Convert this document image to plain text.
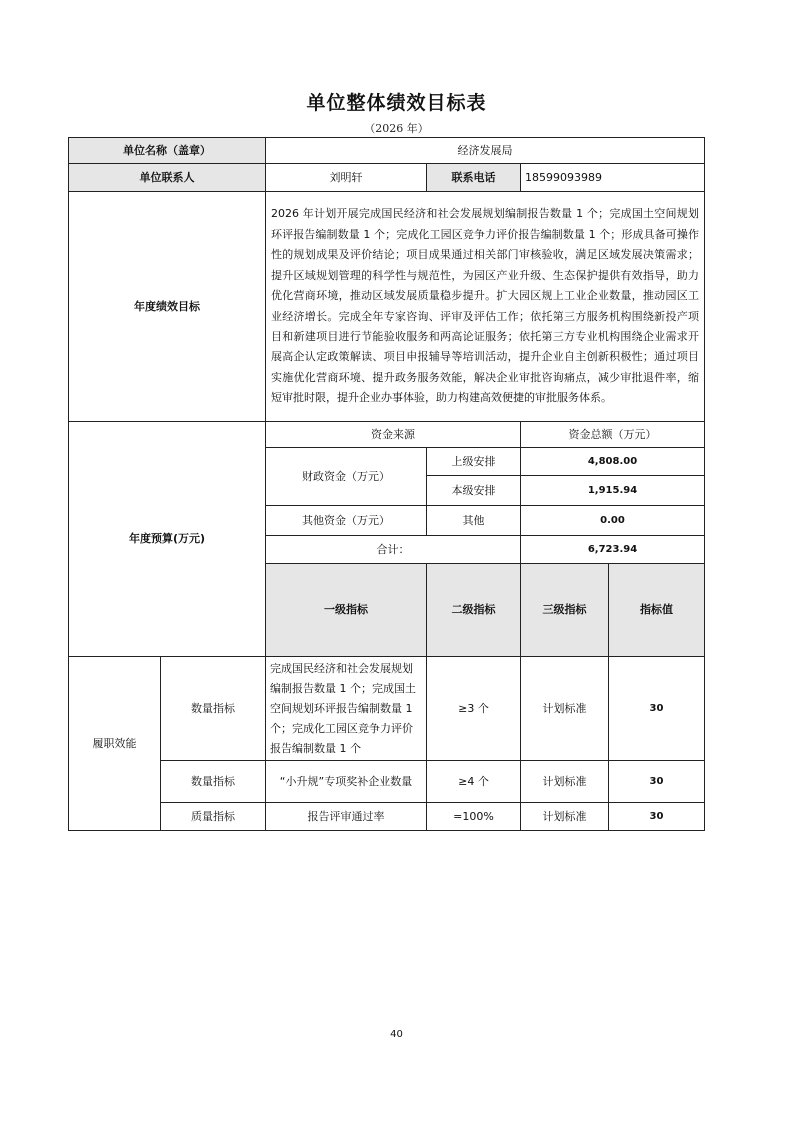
单位整体绩效目标表
（2026 年）
单位名称（盖章）		经济发展局				
单位联系人		刘明轩	联系电话	18599093989		
年度绩效目标		2026 年计划开展完成国民经济和社会发展规划编制报告数量 1 个；完成国土空间规划环评报告编制数量 1 个；完成化工园区竞争力评价报告编制数量 1 个；形成具备可操作性的规划成果及评价结论；项目成果通过相关部门审核验收，满足区域发展决策需求；提升区域规划管理的科学性与规范性，为园区产业升级、生态保护提供有效指导，助力优化营商环境，推动区域发展质量稳步提升。扩大园区规上工业企业数量，推动园区工业经济增长。完成全年专家咨询、评审及评估工作；依托第三方服务机构围绕新投产项目和新建项目进行节能验收服务和两高论证服务；依托第三方专业机构围绕企业需求开展高企认定政策解读、项目申报辅导等培训活动，提升企业自主创新积极性；通过项目实施优化营商环境、提升政务服务效能，解决企业审批咨询痛点，减少审批退件率，缩短审批时限，提升企业办事体验，助力构建高效便捷的审批服务体系。				
年度预算(万元)		资金来源		资金总额（万元）		
		财政资金（万元）	上级安排	4,808.00		
			本级安排	1,915.94		
		其他资金（万元）	其他	0.00		
		合计：		6,723.94		
		一级指标	二级指标	三级指标	指标值		
履职效能	数量指标	完成国民经济和社会发展规划编制报告数量 1 个；完成国土空间规划环评报告编制数量 1 个；完成化工园区竞争力评价报告编制数量 1 个	≥3 个	计划标准	30	
	数量指标	“小升规”专项奖补企业数量	≥4 个	计划标准	30	
	质量指标	报告评审通过率	=100%	计划标准	30	
40
